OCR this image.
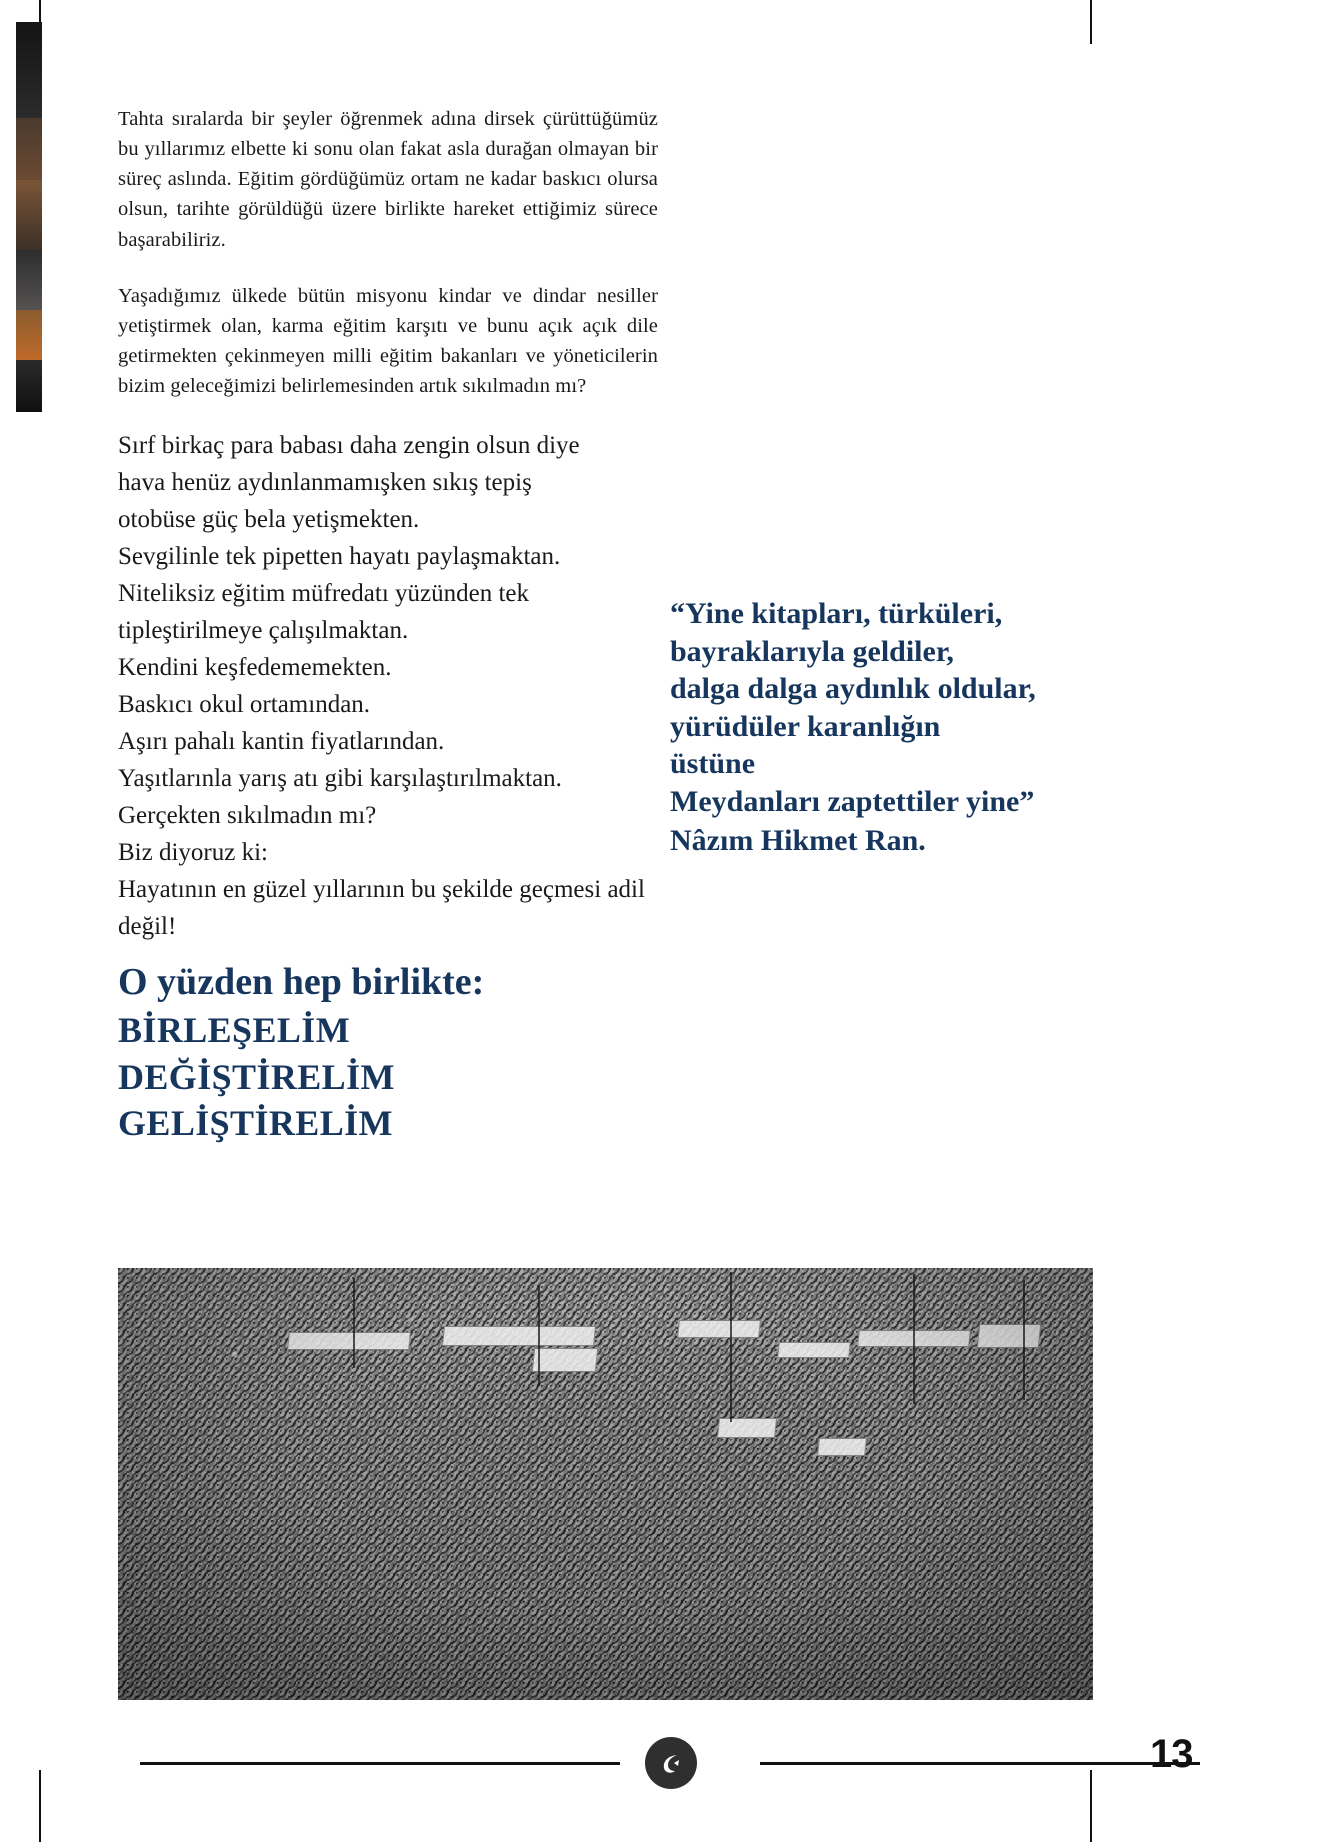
Tahta sıralarda bir şeyler öğrenmek adına dirsek çürüttüğümüz bu yıllarımız elbette ki sonu olan fakat asla durağan olmayan bir süreç aslında. Eğitim gördüğümüz ortam ne kadar baskıcı olursa olsun, tarihte görüldüğü üzere birlikte hareket ettiğimiz sürece başarabiliriz.

Yaşadığımız ülkede bütün misyonu kindar ve dindar nesiller yetiştirmek olan, karma eğitim karşıtı ve bunu açık açık dile getirmekten çekinmeyen milli eğitim bakanları ve yöneticilerin bizim geleceğimizi belirlemesinden artık sıkılmadın mı?

Sırf birkaç para babası daha zengin olsun diye
hava henüz aydınlanmamışken sıkış tepiş
otobüse güç bela yetişmekten.
Sevgilinle tek pipetten hayatı paylaşmaktan.
Niteliksiz eğitim müfredatı yüzünden tek
tipleştirilmeye çalışılmaktan.
Kendini keşfedememekten.
Baskıcı okul ortamından.
Aşırı pahalı kantin fiyatlarından.
Yaşıtlarınla yarış atı gibi karşılaştırılmaktan.
Gerçekten sıkılmadın mı?
Biz diyoruz ki:
Hayatının en güzel yıllarının bu şekilde geçmesi adil değil!
“Yine kitapları, türküleri,
bayraklarıyla geldiler,
dalga dalga aydınlık oldular,
yürüdüler karanlığın
üstüne
Meydanları zaptettiler yine”
Nâzım Hikmet Ran.
O yüzden hep birlikte:
BİRLEŞELİM
DEĞİŞTİRELİM
GELİŞTİRELİM
13
